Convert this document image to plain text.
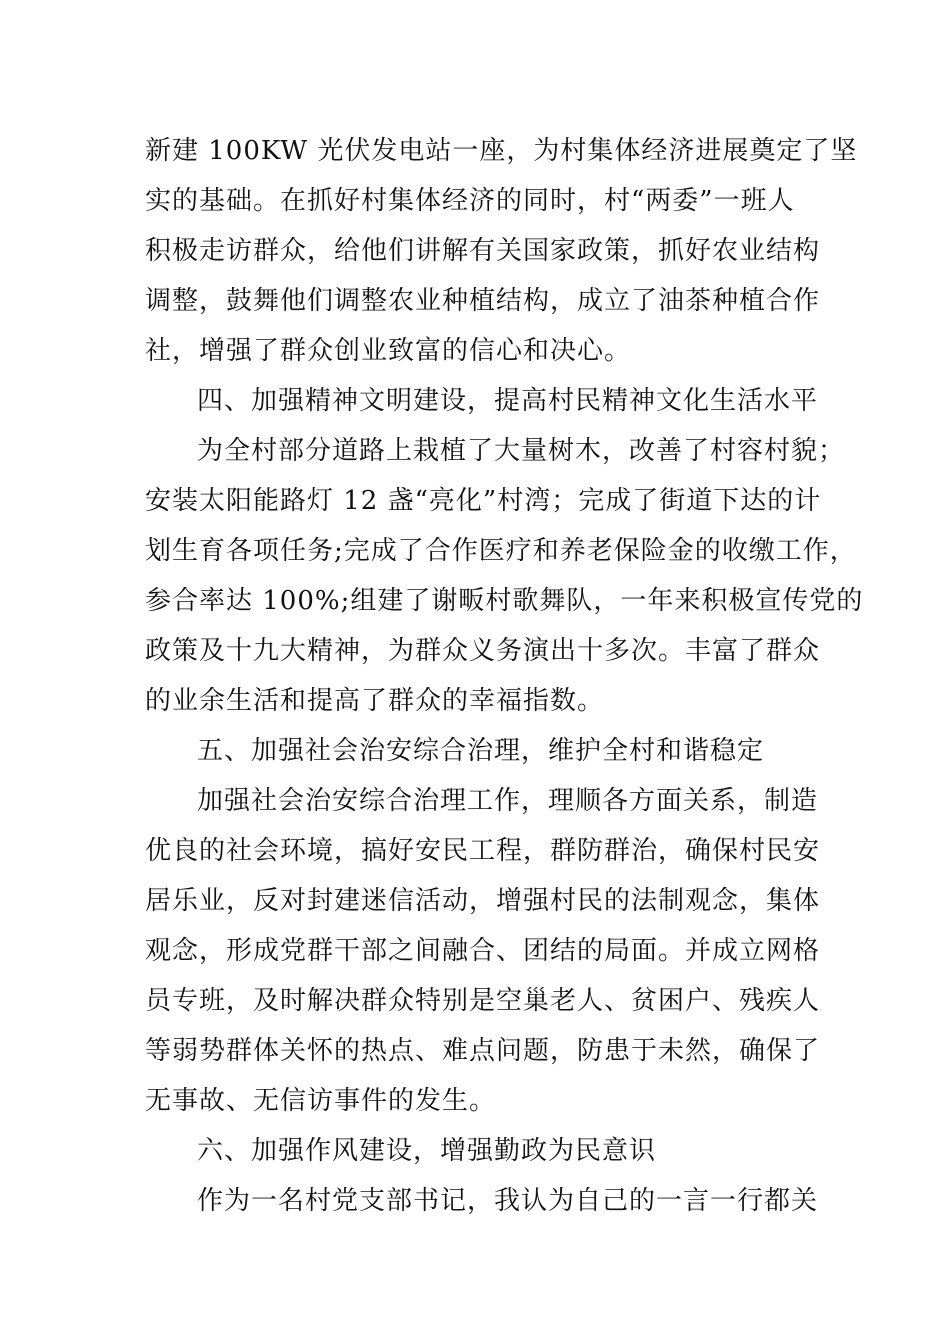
新建 100KW 光伏发电站一座，为村集体经济进展奠定了坚
实的基础。在抓好村集体经济的同时，村“两委”一班人
积极走访群众，给他们讲解有关国家政策，抓好农业结构
调整，鼓舞他们调整农业种植结构，成立了油茶种植合作
社，增强了群众创业致富的信心和决心。
四、加强精神文明建设，提高村民精神文化生活水平
为全村部分道路上栽植了大量树木，改善了村容村貌；
安装太阳能路灯 12 盏“亮化”村湾；完成了街道下达的计
划生育各项任务;完成了合作医疗和养老保险金的收缴工作，
参合率达 100%;组建了谢畈村歌舞队，一年来积极宣传党的
政策及十九大精神，为群众义务演出十多次。丰富了群众
的业余生活和提高了群众的幸福指数。
五、加强社会治安综合治理，维护全村和谐稳定
加强社会治安综合治理工作，理顺各方面关系，制造
优良的社会环境，搞好安民工程，群防群治，确保村民安
居乐业，反对封建迷信活动，增强村民的法制观念，集体
观念，形成党群干部之间融合、团结的局面。并成立网格
员专班，及时解决群众特别是空巢老人、贫困户、残疾人
等弱势群体关怀的热点、难点问题，防患于未然，确保了
无事故、无信访事件的发生。
六、加强作风建设，增强勤政为民意识
作为一名村党支部书记，我认为自己的一言一行都关
